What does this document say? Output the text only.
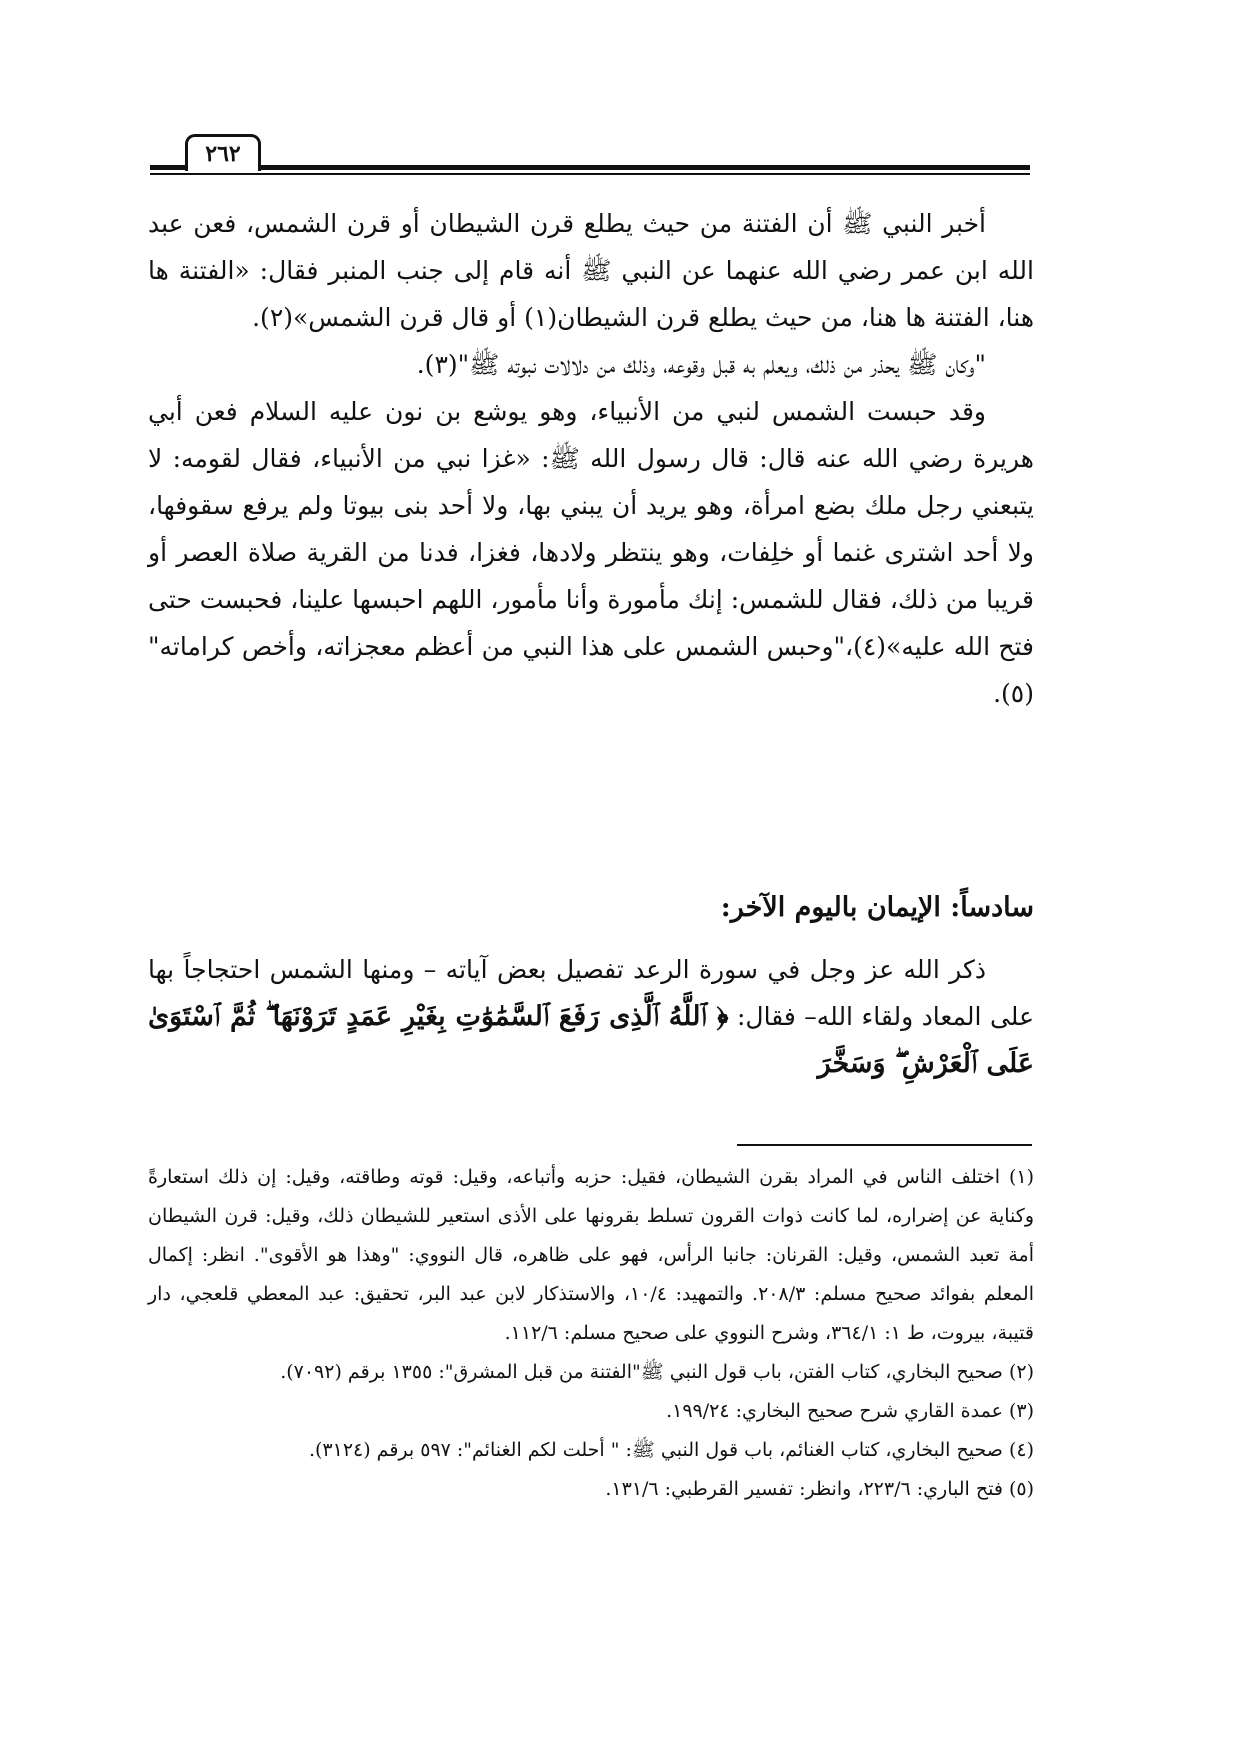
٢٦٢

أخبر النبي ﷺ أن الفتنة من حيث يطلع قرن الشيطان أو قرن الشمس، فعن عبد الله ابن عمر رضي الله عنهما عن النبي ﷺ أنه قام إلى جنب المنبر فقال: «الفتنة ها هنا، الفتنة ها هنا، من حيث يطلع قرن الشيطان(١) أو قال قرن الشمس»(٢).

"وكان ﷺ يحذر من ذلك، ويعلم به قبل وقوعه، وذلك من دلالات نبوته ﷺ"(٣).

وقد حبست الشمس لنبي من الأنبياء، وهو يوشع بن نون عليه السلام فعن أبي هريرة رضي الله عنه قال: قال رسول الله ﷺ: «غزا نبي من الأنبياء، فقال لقومه: لا يتبعني رجل ملك بضع امرأة، وهو يريد أن يبني بها، ولا أحد بنى بيوتا ولم يرفع سقوفها، ولا أحد اشترى غنما أو خلِفات، وهو ينتظر ولادها، فغزا، فدنا من القرية صلاة العصر أو قريبا من ذلك، فقال للشمس: إنك مأمورة وأنا مأمور، اللهم احبسها علينا، فحبست حتى فتح الله عليه»(٤)،"وحبس الشمس على هذا النبي من أعظم معجزاته، وأخص كراماته"(٥).

سادساً: الإيمان باليوم الآخر:

ذكر الله عز وجل في سورة الرعد تفصيل بعض آياته – ومنها الشمس احتجاجاً بها على المعاد ولقاء الله– فقال: ﴿ ٱللَّهُ ٱلَّذِى رَفَعَ ٱلسَّمَٰوَٰتِ بِغَيْرِ عَمَدٍ تَرَوْنَهَا ۖ ثُمَّ ٱسْتَوَىٰ عَلَى ٱلْعَرْشِ ۖ وَسَخَّرَ

(١) اختلف الناس في المراد بقرن الشيطان، فقيل: حزبه وأتباعه، وقيل: قوته وطاقته، وقيل: إن ذلك استعارةً وكناية عن إضراره، لما كانت ذوات القرون تسلط بقرونها على الأذى استعير للشيطان ذلك، وقيل: قرن الشيطان أمة تعبد الشمس، وقيل: القرنان: جانبا الرأس، فهو على ظاهره، قال النووي: "وهذا هو الأقوى". انظر: إكمال المعلم بفوائد صحيح مسلم: ٢٠٨/٣. والتمهيد: ١٠/٤، والاستذكار لابن عبد البر، تحقيق: عبد المعطي قلعجي، دار قتيبة، بيروت، ط ١: ٣٦٤/١، وشرح النووي على صحيح مسلم: ١١٢/٦.
(٢) صحيح البخاري، كتاب الفتن، باب قول النبي ﷺ"الفتنة من قبل المشرق": ١٣٥٥ برقم (٧٠٩٢).
(٣) عمدة القاري شرح صحيح البخاري: ١٩٩/٢٤.
(٤) صحيح البخاري، كتاب الغنائم، باب قول النبي ﷺ: " أحلت لكم الغنائم": ٥٩٧ برقم (٣١٢٤).
(٥) فتح الباري: ٢٢٣/٦، وانظر: تفسير القرطبي: ١٣١/٦.
